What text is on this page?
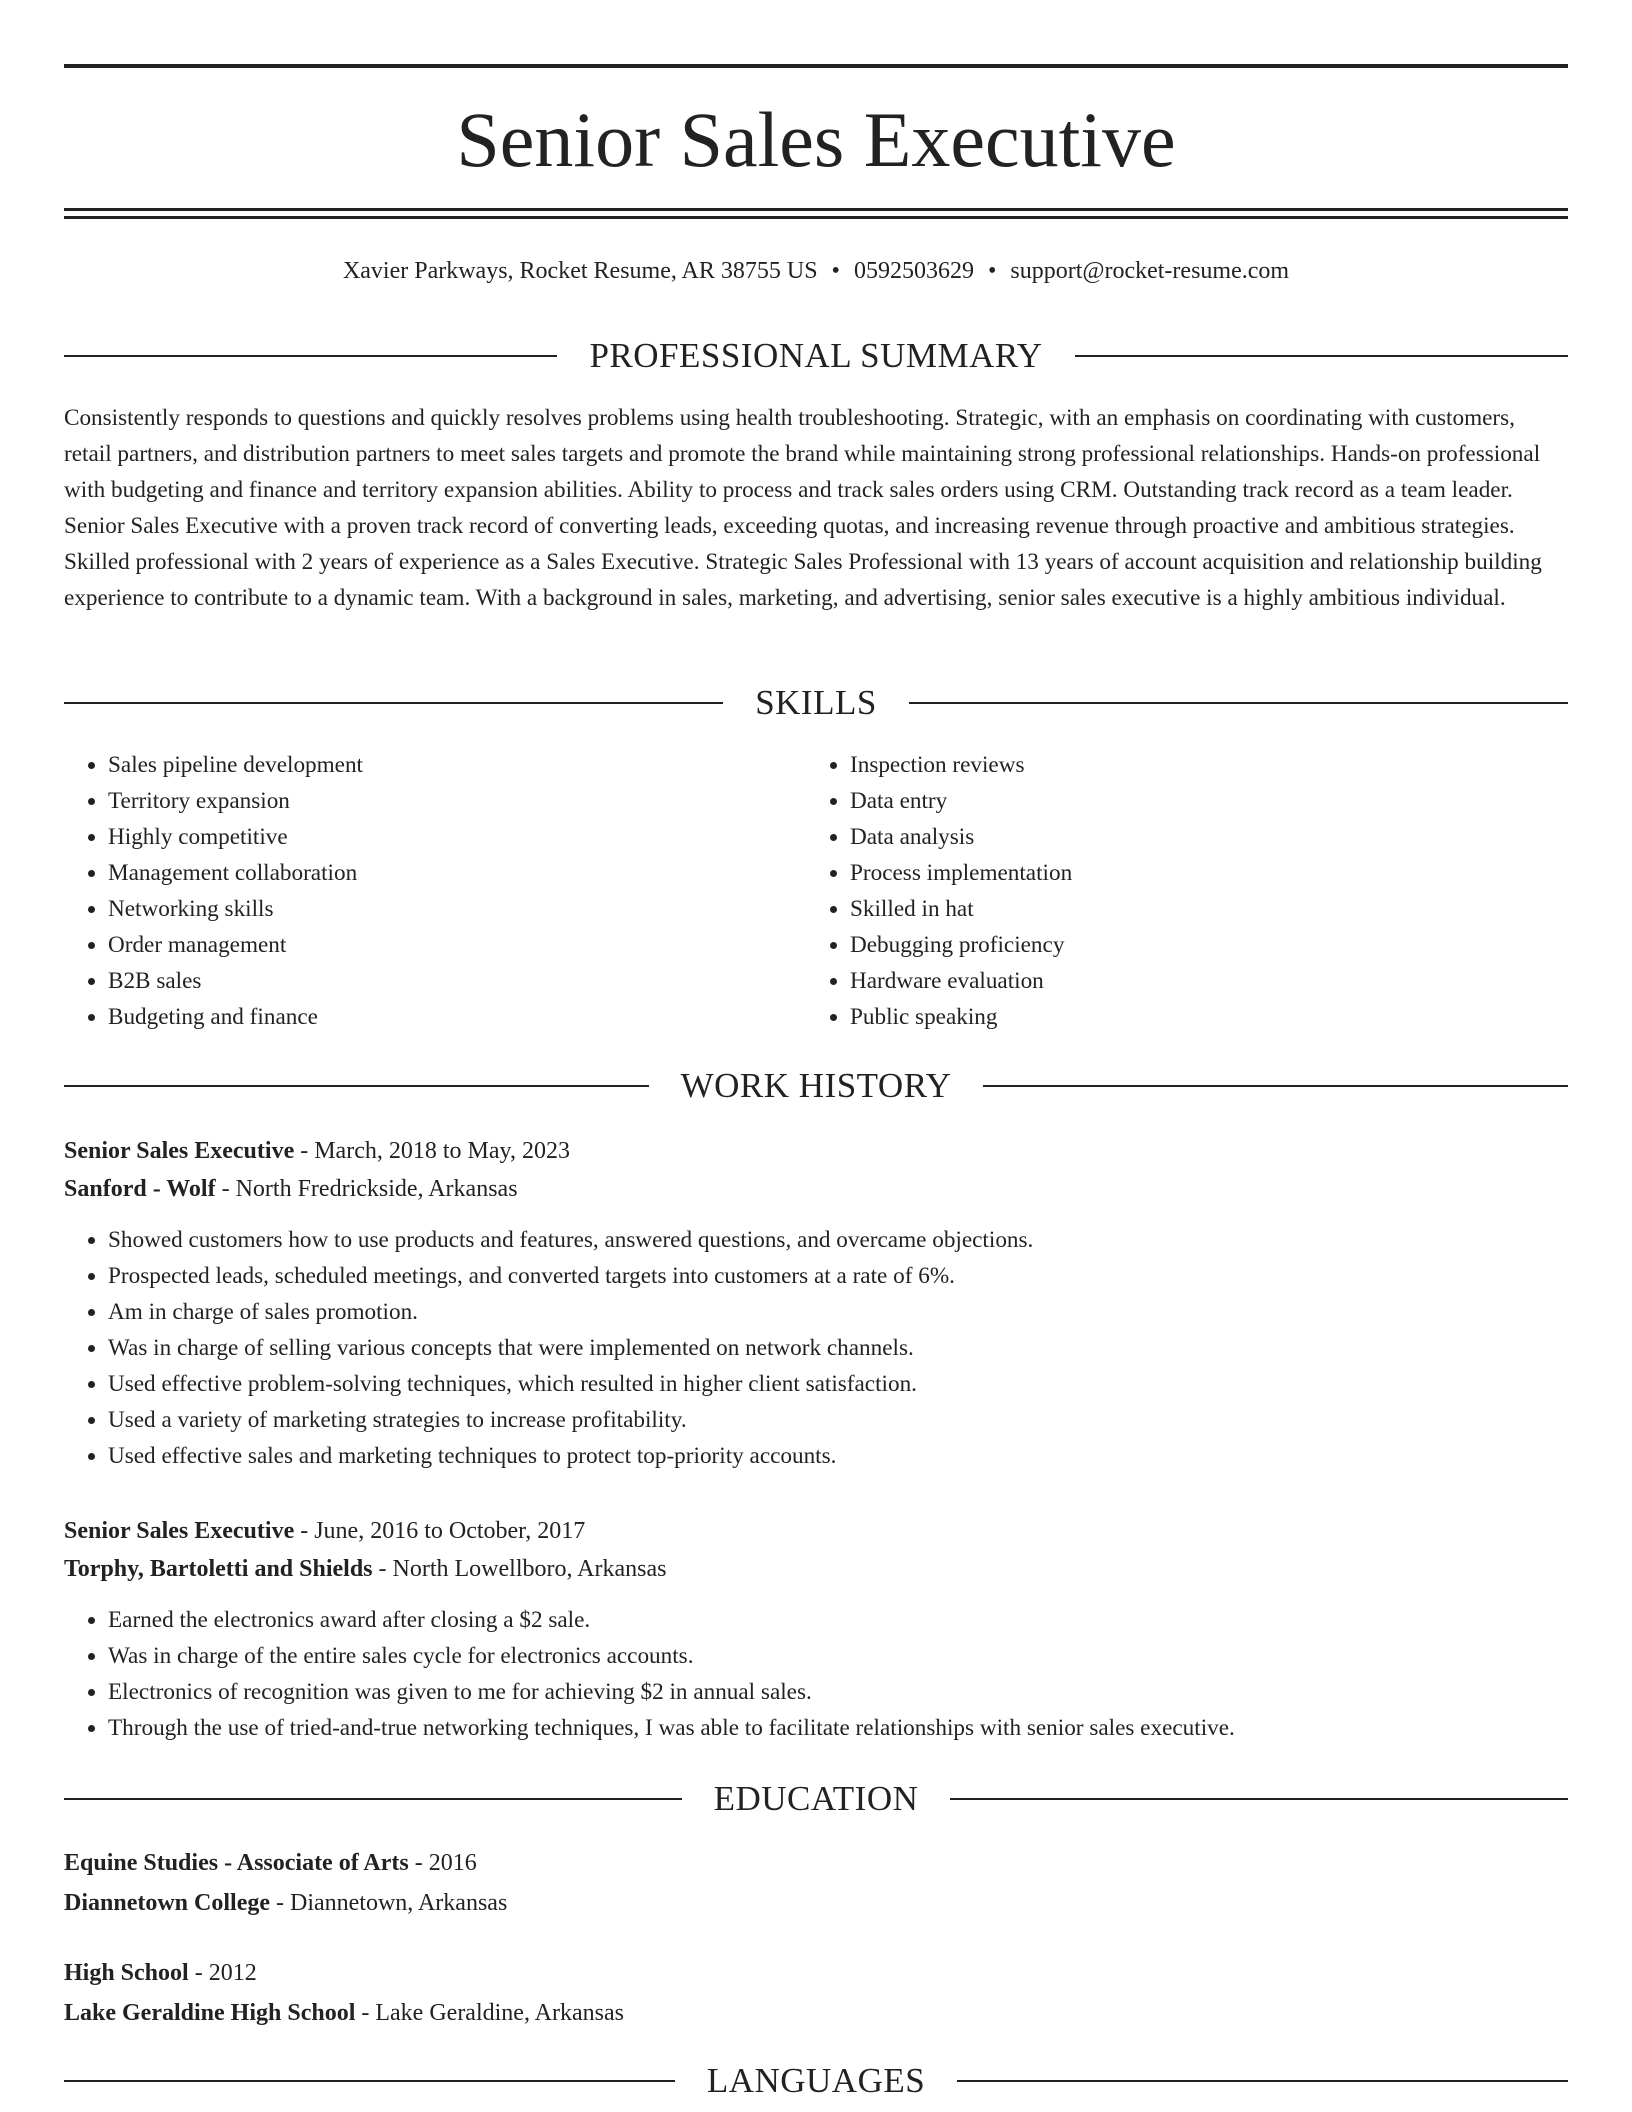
Senior Sales Executive
Xavier Parkways, Rocket Resume, AR 38755 US • 0592503629 • support@rocket-resume.com
PROFESSIONAL SUMMARY
Consistently responds to questions and quickly resolves problems using health troubleshooting. Strategic, with an emphasis on coordinating with customers, retail partners, and distribution partners to meet sales targets and promote the brand while maintaining strong professional relationships. Hands-on professional with budgeting and finance and territory expansion abilities. Ability to process and track sales orders using CRM. Outstanding track record as a team leader. Senior Sales Executive with a proven track record of converting leads, exceeding quotas, and increasing revenue through proactive and ambitious strategies. Skilled professional with 2 years of experience as a Sales Executive. Strategic Sales Professional with 13 years of account acquisition and relationship building experience to contribute to a dynamic team. With a background in sales, marketing, and advertising, senior sales executive is a highly ambitious individual.
SKILLS
• Sales pipeline development
• Territory expansion
• Highly competitive
• Management collaboration
• Networking skills
• Order management
• B2B sales
• Budgeting and finance
• Inspection reviews
• Data entry
• Data analysis
• Process implementation
• Skilled in hat
• Debugging proficiency
• Hardware evaluation
• Public speaking
WORK HISTORY
Senior Sales Executive - March, 2018 to May, 2023
Sanford - Wolf - North Fredrickside, Arkansas
• Showed customers how to use products and features, answered questions, and overcame objections.
• Prospected leads, scheduled meetings, and converted targets into customers at a rate of 6%.
• Am in charge of sales promotion.
• Was in charge of selling various concepts that were implemented on network channels.
• Used effective problem-solving techniques, which resulted in higher client satisfaction.
• Used a variety of marketing strategies to increase profitability.
• Used effective sales and marketing techniques to protect top-priority accounts.
Senior Sales Executive - June, 2016 to October, 2017
Torphy, Bartoletti and Shields - North Lowellboro, Arkansas
• Earned the electronics award after closing a $2 sale.
• Was in charge of the entire sales cycle for electronics accounts.
• Electronics of recognition was given to me for achieving $2 in annual sales.
• Through the use of tried-and-true networking techniques, I was able to facilitate relationships with senior sales executive.
EDUCATION
Equine Studies - Associate of Arts - 2016
Diannetown College - Diannetown, Arkansas
High School - 2012
Lake Geraldine High School - Lake Geraldine, Arkansas
LANGUAGES
